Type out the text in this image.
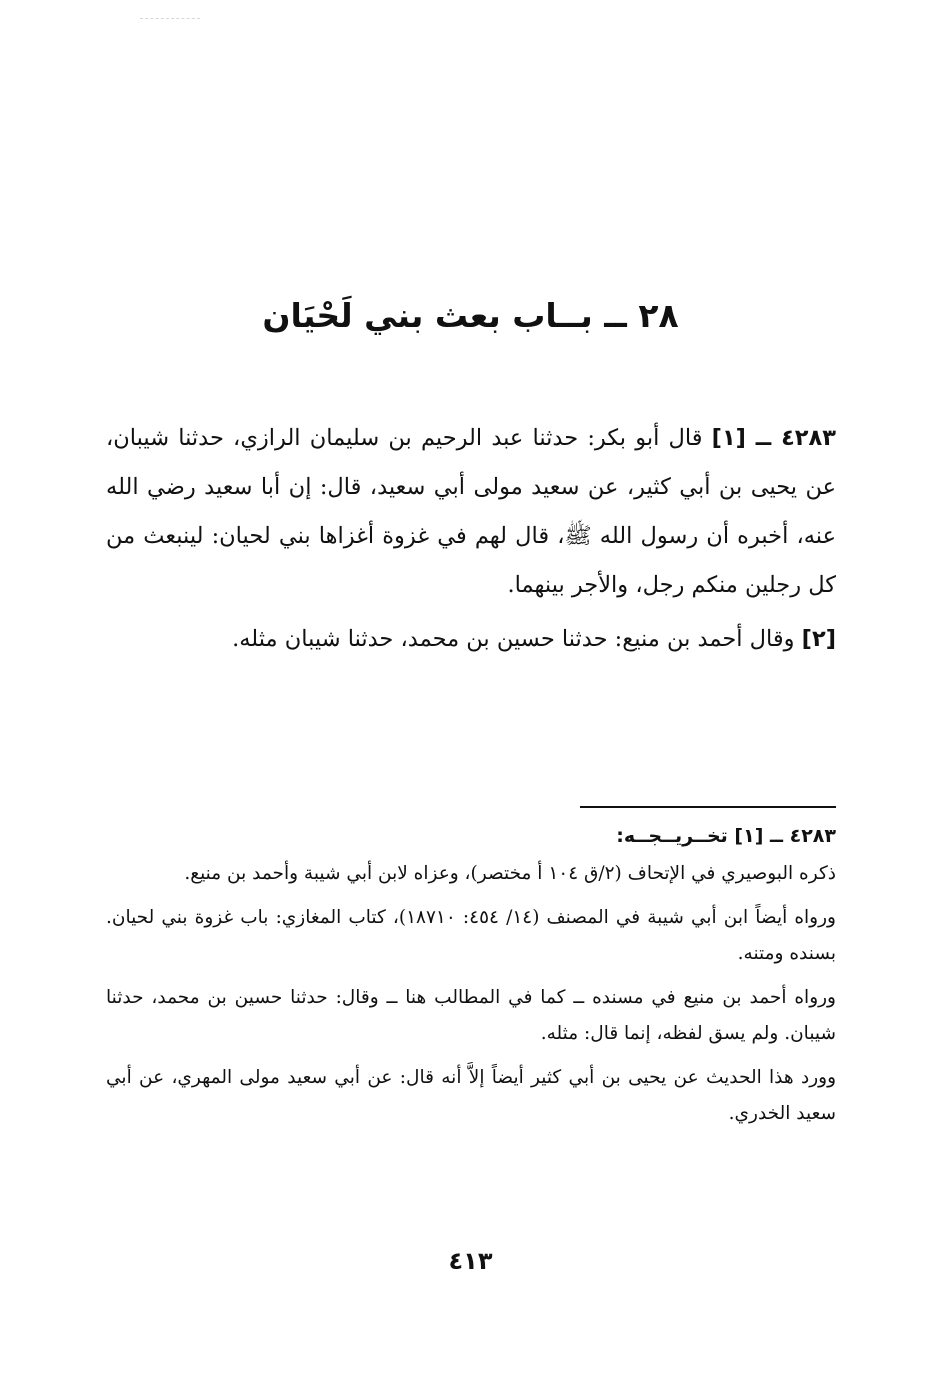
٢٨ ــ بــاب بعث بني لَحْيَان

٤٢٨٣ ــ [١] قال أبو بكر: حدثنا عبد الرحيم بن سليمان الرازي، حدثنا شيبان، عن يحيى بن أبي كثير، عن سعيد مولى أبي سعيد، قال: إن أبا سعيد رضي الله عنه، أخبره أن رسول الله ﷺ، قال لهم في غزوة أغزاها بني لحيان: لينبعث من كل رجلين منكم رجل، والأجر بينهما.

[٢] وقال أحمد بن منيع: حدثنا حسين بن محمد، حدثنا شيبان مثله.

٤٢٨٣ ــ [١] تخــريــجــه:

ذكره البوصيري في الإتحاف (٢/ق ١٠٤ أ مختصر)، وعزاه لابن أبي شيبة وأحمد بن منيع.

ورواه أيضاً ابن أبي شيبة في المصنف (١٤/ ٤٥٤: ١٨٧١٠)، كتاب المغازي: باب غزوة بني لحيان. بسنده ومتنه.

ورواه أحمد بن منيع في مسنده ــ كما في المطالب هنا ــ وقال: حدثنا حسين بن محمد، حدثنا شيبان. ولم يسق لفظه، إنما قال: مثله.

وورد هذا الحديث عن يحيى بن أبي كثير أيضاً إلاَّ أنه قال: عن أبي سعيد مولى المهري، عن أبي سعيد الخدري.

٤١٣
